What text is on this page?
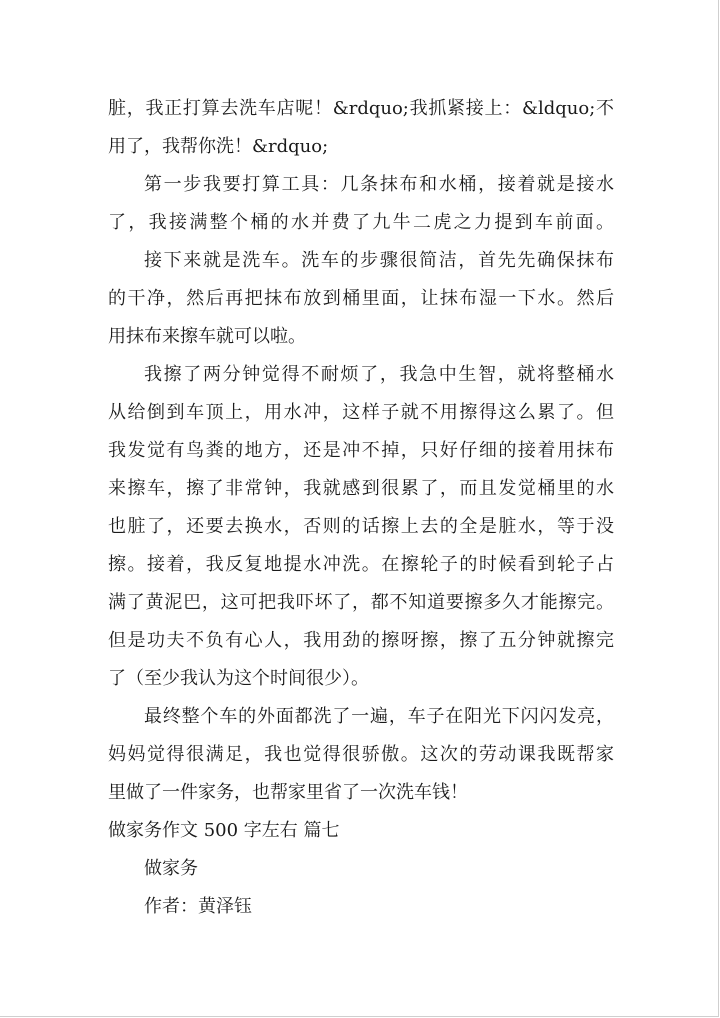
脏，我正打算去洗车店呢！&rdquo;我抓紧接上：&ldquo;不
用了，我帮你洗！&rdquo;
第一步我要打算工具：几条抹布和水桶，接着就是接水
了，我接满整个桶的水并费了九牛二虎之力提到车前面。
接下来就是洗车。洗车的步骤很简洁，首先先确保抹布
的干净，然后再把抹布放到桶里面，让抹布湿一下水。然后
用抹布来擦车就可以啦。
我擦了两分钟觉得不耐烦了，我急中生智，就将整桶水
从给倒到车顶上，用水冲，这样子就不用擦得这么累了。但
我发觉有鸟粪的地方，还是冲不掉，只好仔细的接着用抹布
来擦车，擦了非常钟，我就感到很累了，而且发觉桶里的水
也脏了，还要去换水，否则的话擦上去的全是脏水，等于没
擦。接着，我反复地提水冲洗。在擦轮子的时候看到轮子占
满了黄泥巴，这可把我吓坏了，都不知道要擦多久才能擦完。
但是功夫不负有心人，我用劲的擦呀擦，擦了五分钟就擦完
了（至少我认为这个时间很少）。
最终整个车的外面都洗了一遍，车子在阳光下闪闪发亮，
妈妈觉得很满足，我也觉得很骄傲。这次的劳动课我既帮家
里做了一件家务，也帮家里省了一次洗车钱！
做家务作文 500 字左右 篇七
做家务
作者：黄泽钰
